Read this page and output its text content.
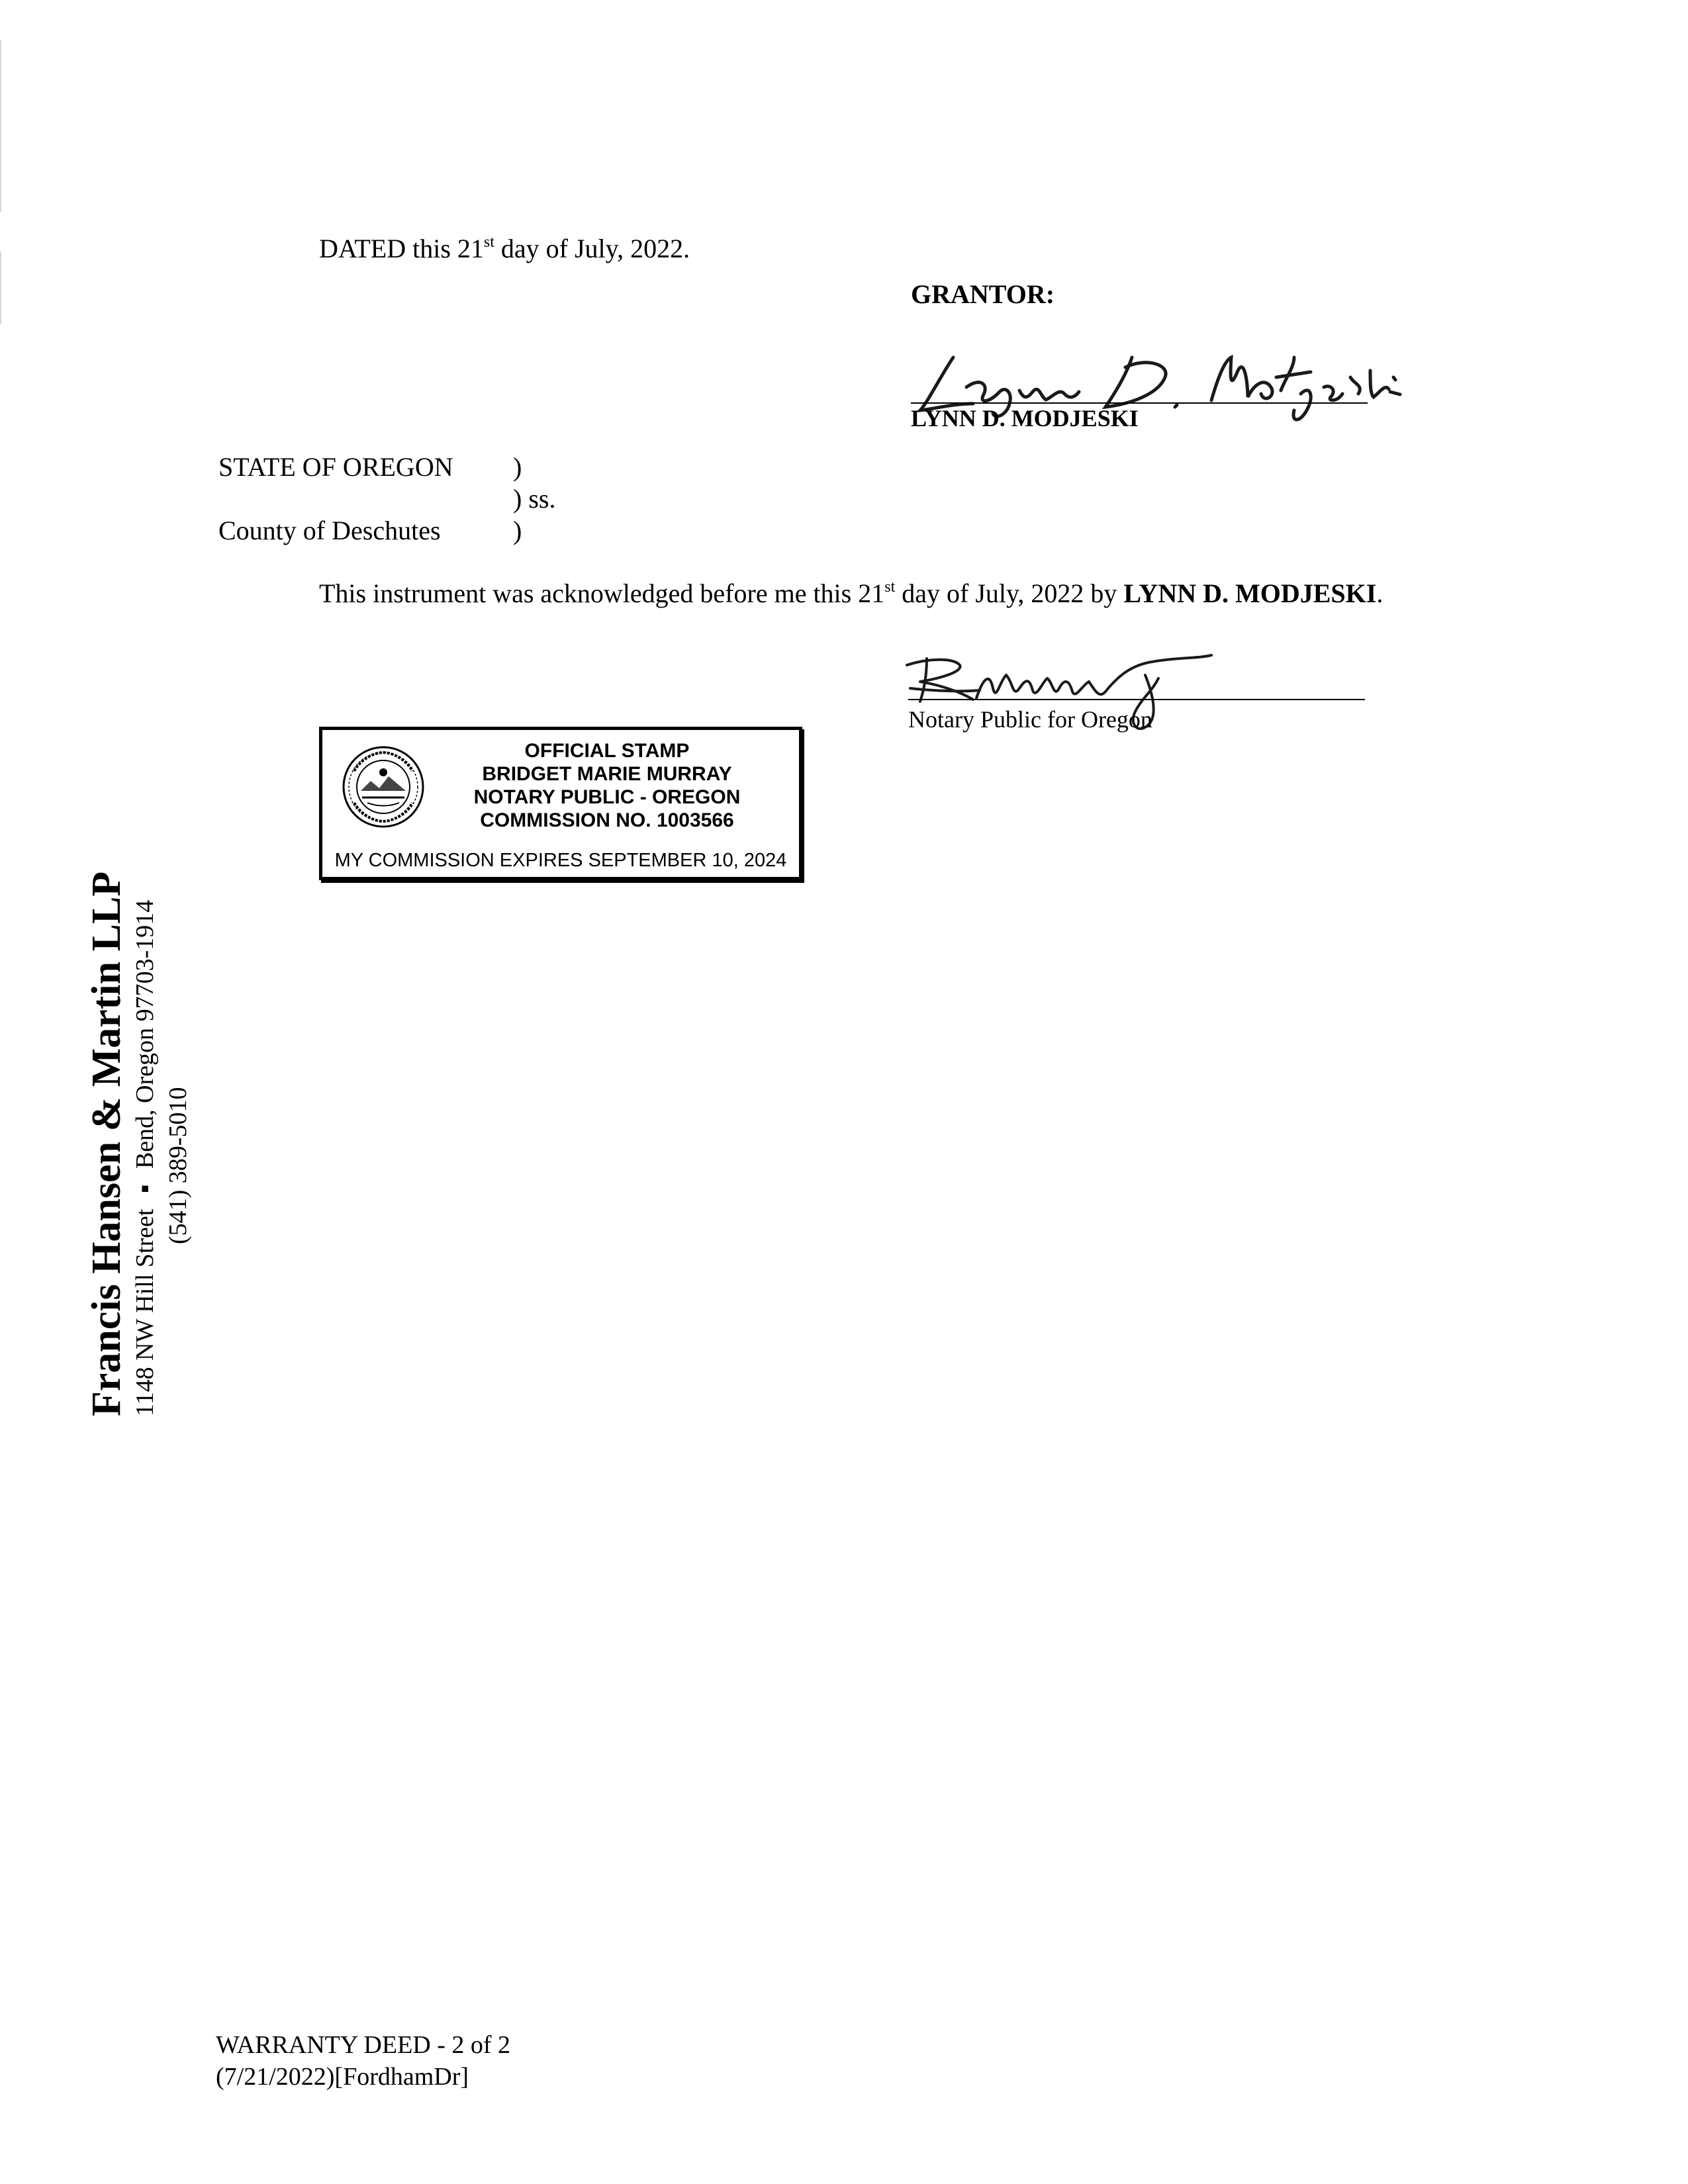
DATED this 21st day of July, 2022.
GRANTOR:
LYNN D. MODJESKI
STATE OF OREGON )
) ss.
County of Deschutes	)
This instrument was acknowledged before me this 21st day of July, 2022 by LYNN D. MODJESKI.
Notary Public for Oregon
OFFICIAL STAMP
BRIDGET MARIE MURRAY
NOTARY PUBLIC - OREGON
COMMISSION NO. 1003566
MY COMMISSION EXPIRES SEPTEMBER 10, 2024
Francis Hansen & Martin LLP 1148 NW Hill Street ▪ Bend, Oregon 97703-1914 (541) 389-5010
WARRANTY DEED - 2 of 2
(7/21/2022)[FordhamDr]
